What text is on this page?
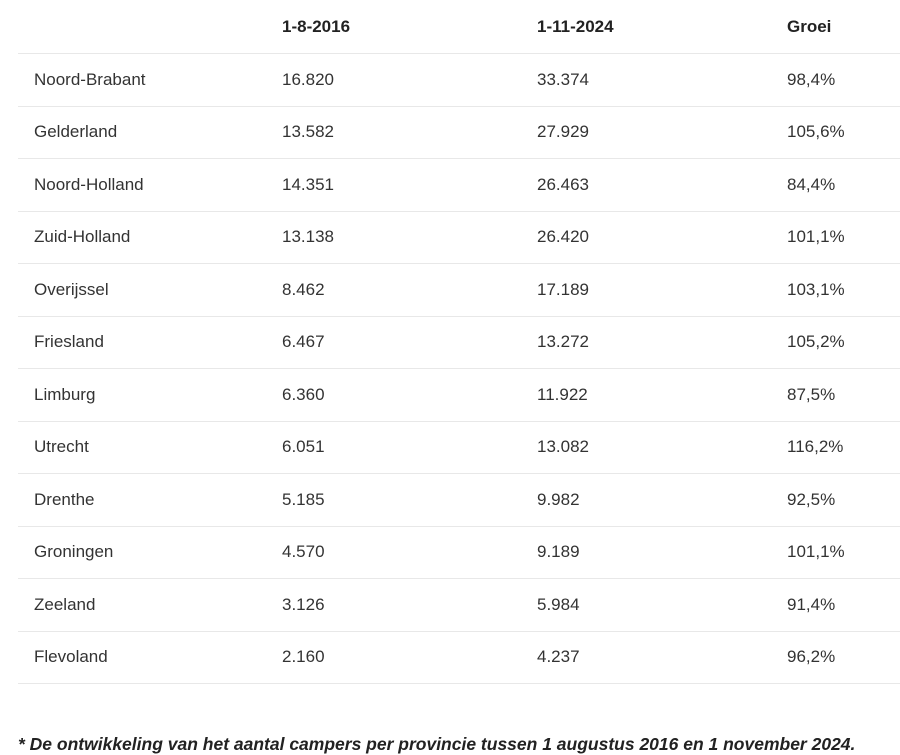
	1-8-2016	1-11-2024	Groei
Noord-Brabant	16.820	33.374	98,4%
Gelderland	13.582	27.929	105,6%
Noord-Holland	14.351	26.463	84,4%
Zuid-Holland	13.138	26.420	101,1%
Overijssel	8.462	17.189	103,1%
Friesland	6.467	13.272	105,2%
Limburg	6.360	11.922	87,5%
Utrecht	6.051	13.082	116,2%
Drenthe	5.185	9.982	92,5%
Groningen	4.570	9.189	101,1%
Zeeland	3.126	5.984	91,4%
Flevoland	2.160	4.237	96,2%

* De ontwikkeling van het aantal campers per provincie tussen 1 augustus 2016 en 1 november 2024.
